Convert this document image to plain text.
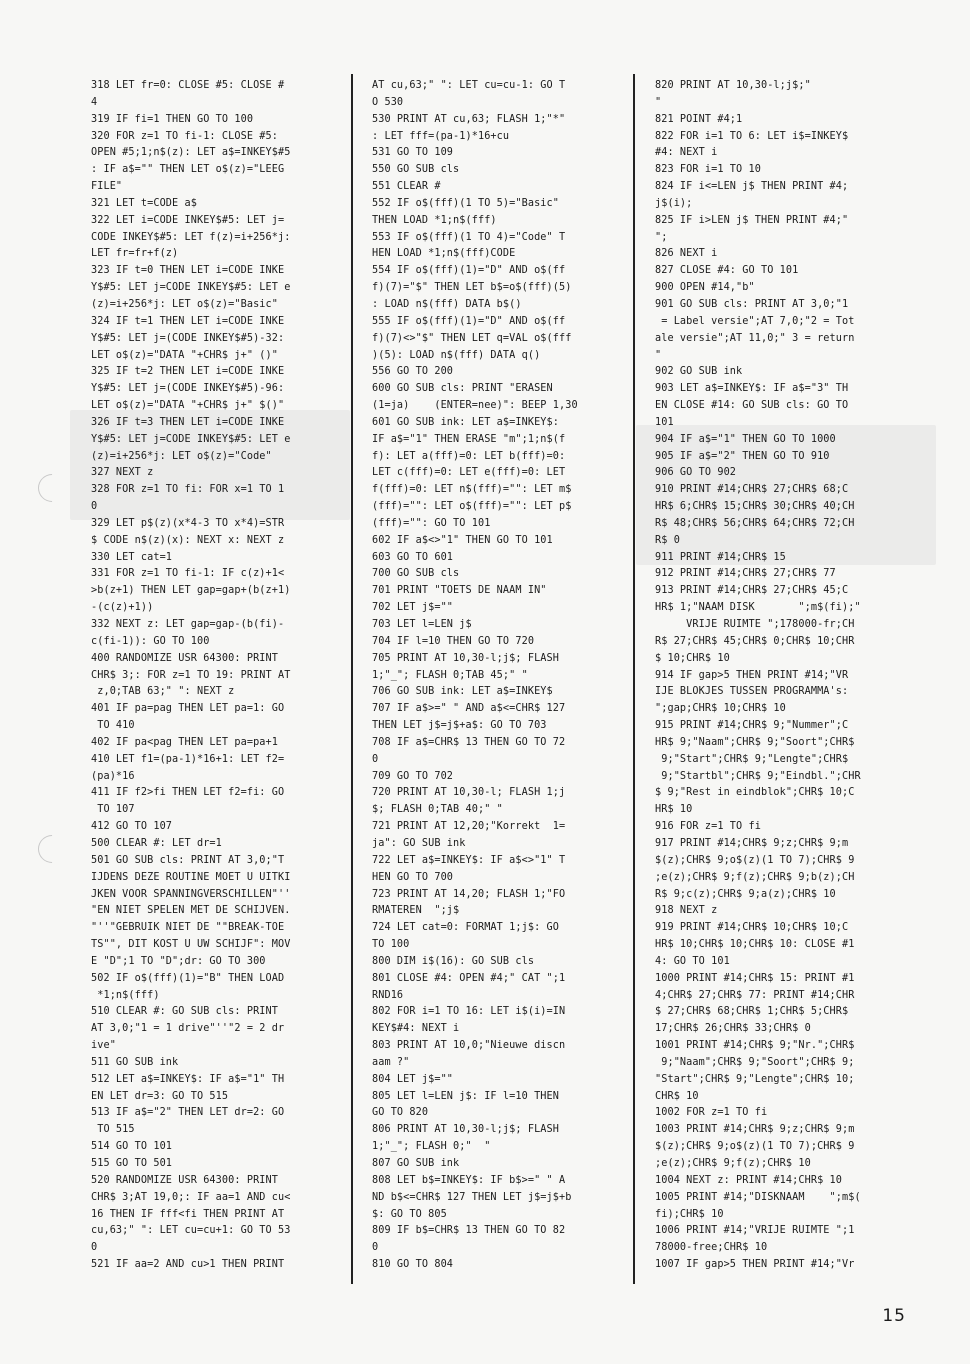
318 LET fr=0: CLOSE #5: CLOSE #
4
319 IF fi=1 THEN GO TO 100
320 FOR z=1 TO fi-1: CLOSE #5:
OPEN #5;1;n$(z): LET a$=INKEY$#5
: IF a$="" THEN LET o$(z)="LEEG
FILE"
321 LET t=CODE a$
322 LET i=CODE INKEY$#5: LET j=
CODE INKEY$#5: LET f(z)=i+256*j:
LET fr=fr+f(z)
323 IF t=0 THEN LET i=CODE INKE
Y$#5: LET j=CODE INKEY$#5: LET e
(z)=i+256*j: LET o$(z)="Basic"
324 IF t=1 THEN LET i=CODE INKE
Y$#5: LET j=(CODE INKEY$#5)-32:
LET o$(z)="DATA "+CHR$ j+" ()"
325 IF t=2 THEN LET i=CODE INKE
Y$#5: LET j=(CODE INKEY$#5)-96:
LET o$(z)="DATA "+CHR$ j+" $()"
326 IF t=3 THEN LET i=CODE INKE
Y$#5: LET j=CODE INKEY$#5: LET e
(z)=i+256*j: LET o$(z)="Code"
327 NEXT z
328 FOR z=1 TO fi: FOR x=1 TO 1
0
329 LET p$(z)(x*4-3 TO x*4)=STR
$ CODE n$(z)(x): NEXT x: NEXT z
330 LET cat=1
331 FOR z=1 TO fi-1: IF c(z)+1<
>b(z+1) THEN LET gap=gap+(b(z+1)
-(c(z)+1))
332 NEXT z: LET gap=gap-(b(fi)-
c(fi-1)): GO TO 100
400 RANDOMIZE USR 64300: PRINT
CHR$ 3;: FOR z=1 TO 19: PRINT AT
z,0;TAB 63;" ": NEXT z
401 IF pa=pag THEN LET pa=1: GO
TO 410
402 IF pa<pag THEN LET pa=pa+1
410 LET f1=(pa-1)*16+1: LET f2=
(pa)*16
411 IF f2>fi THEN LET f2=fi: GO
TO 107
412 GO TO 107
500 CLEAR #: LET dr=1
501 GO SUB cls: PRINT AT 3,0;"T
IJDENS DEZE ROUTINE MOET U UITKI
JKEN VOOR SPANNINGVERSCHILLEN"''
"EN NIET SPELEN MET DE SCHIJVEN.
"''"GEBRUIK NIET DE ""BREAK-TOE
TS"", DIT KOST U UW SCHIJF": MOV
E "D";1 TO "D";dr: GO TO 300
502 IF o$(fff)(1)="B" THEN LOAD
*1;n$(fff)
510 CLEAR #: GO SUB cls: PRINT
AT 3,0;"1 = 1 drive"''"2 = 2 dr
ive"
511 GO SUB ink
512 LET a$=INKEY$: IF a$="1" TH
EN LET dr=3: GO TO 515
513 IF a$="2" THEN LET dr=2: GO
TO 515
514 GO TO 101
515 GO TO 501
520 RANDOMIZE USR 64300: PRINT
CHR$ 3;AT 19,0;: IF aa=1 AND cu<
16 THEN IF fff<fi THEN PRINT AT
cu,63;" ": LET cu=cu+1: GO TO 53
0
521 IF aa=2 AND cu>1 THEN PRINT
AT cu,63;" ": LET cu=cu-1: GO T
O 530
530 PRINT AT cu,63; FLASH 1;"*"
: LET fff=(pa-1)*16+cu
531 GO TO 109
550 GO SUB cls
551 CLEAR #
552 IF o$(fff)(1 TO 5)="Basic"
THEN LOAD *1;n$(fff)
553 IF o$(fff)(1 TO 4)="Code" T
HEN LOAD *1;n$(fff)CODE
554 IF o$(fff)(1)="D" AND o$(ff
f)(7)="$" THEN LET b$=o$(fff)(5)
: LOAD n$(fff) DATA b$()
555 IF o$(fff)(1)="D" AND o$(ff
f)(7)<>"$" THEN LET q=VAL o$(fff
)(5): LOAD n$(fff) DATA q()
556 GO TO 200
600 GO SUB cls: PRINT "ERASEN
(1=ja)    (ENTER=nee)": BEEP 1,30
601 GO SUB ink: LET a$=INKEY$:
IF a$="1" THEN ERASE "m";1;n$(f
f): LET a(fff)=0: LET b(fff)=0:
LET c(fff)=0: LET e(fff)=0: LET
f(fff)=0: LET n$(fff)="": LET m$
(fff)="": LET o$(fff)="": LET p$
(fff)="": GO TO 101
602 IF a$<>"1" THEN GO TO 101
603 GO TO 601
700 GO SUB cls
701 PRINT "TOETS DE NAAM IN"
702 LET j$=""
703 LET l=LEN j$
704 IF l=10 THEN GO TO 720
705 PRINT AT 10,30-l;j$; FLASH
1;"_"; FLASH 0;TAB 45;" "
706 GO SUB ink: LET a$=INKEY$
707 IF a$>=" " AND a$<=CHR$ 127
THEN LET j$=j$+a$: GO TO 703
708 IF a$=CHR$ 13 THEN GO TO 72
0
709 GO TO 702
720 PRINT AT 10,30-l; FLASH 1;j
$; FLASH 0;TAB 40;" "
721 PRINT AT 12,20;"Korrekt  1=
ja": GO SUB ink
722 LET a$=INKEY$: IF a$<>"1" T
HEN GO TO 700
723 PRINT AT 14,20; FLASH 1;"FO
RMATEREN  ";j$
724 LET cat=0: FORMAT 1;j$: GO
TO 100
800 DIM i$(16): GO SUB cls
801 CLOSE #4: OPEN #4;" CAT ";1
RND16
802 FOR i=1 TO 16: LET i$(i)=IN
KEY$#4: NEXT i
803 PRINT AT 10,0;"Nieuwe discn
aam ?"
804 LET j$=""
805 LET l=LEN j$: IF l=10 THEN
GO TO 820
806 PRINT AT 10,30-l;j$; FLASH
1;"_"; FLASH 0;"  "
807 GO SUB ink
808 LET b$=INKEY$: IF b$>=" " A
ND b$<=CHR$ 127 THEN LET j$=j$+b
$: GO TO 805
809 IF b$=CHR$ 13 THEN GO TO 82
0
810 GO TO 804
820 PRINT AT 10,30-l;j$;"
"
821 POINT #4;1
822 FOR i=1 TO 6: LET i$=INKEY$
#4: NEXT i
823 FOR i=1 TO 10
824 IF i<=LEN j$ THEN PRINT #4;
j$(i);
825 IF i>LEN j$ THEN PRINT #4;"
";
826 NEXT i
827 CLOSE #4: GO TO 101
900 OPEN #14,"b"
901 GO SUB cls: PRINT AT 3,0;"1
= Label versie";AT 7,0;"2 = Tot
ale versie";AT 11,0;" 3 = return
"
902 GO SUB ink
903 LET a$=INKEY$: IF a$="3" TH
EN CLOSE #14: GO SUB cls: GO TO
101
904 IF a$="1" THEN GO TO 1000
905 IF a$="2" THEN GO TO 910
906 GO TO 902
910 PRINT #14;CHR$ 27;CHR$ 68;C
HR$ 6;CHR$ 15;CHR$ 30;CHR$ 40;CH
R$ 48;CHR$ 56;CHR$ 64;CHR$ 72;CH
R$ 0
911 PRINT #14;CHR$ 15
912 PRINT #14;CHR$ 27;CHR$ 77
913 PRINT #14;CHR$ 27;CHR$ 45;C
HR$ 1;"NAAM DISK       ";m$(fi);"
VRIJE RUIMTE ";178000-fr;CH
R$ 27;CHR$ 45;CHR$ 0;CHR$ 10;CHR
$ 10;CHR$ 10
914 IF gap>5 THEN PRINT #14;"VR
IJE BLOKJES TUSSEN PROGRAMMA's:
";gap;CHR$ 10;CHR$ 10
915 PRINT #14;CHR$ 9;"Nummer";C
HR$ 9;"Naam";CHR$ 9;"Soort";CHR$
9;"Start";CHR$ 9;"Lengte";CHR$
9;"Startbl";CHR$ 9;"Eindbl.";CHR
$ 9;"Rest in eindblok";CHR$ 10;C
HR$ 10
916 FOR z=1 TO fi
917 PRINT #14;CHR$ 9;z;CHR$ 9;m
$(z);CHR$ 9;o$(z)(1 TO 7);CHR$ 9
;e(z);CHR$ 9;f(z);CHR$ 9;b(z);CH
R$ 9;c(z);CHR$ 9;a(z);CHR$ 10
918 NEXT z
919 PRINT #14;CHR$ 10;CHR$ 10;C
HR$ 10;CHR$ 10;CHR$ 10: CLOSE #1
4: GO TO 101
1000 PRINT #14;CHR$ 15: PRINT #1
4;CHR$ 27;CHR$ 77: PRINT #14;CHR
$ 27;CHR$ 68;CHR$ 1;CHR$ 5;CHR$
17;CHR$ 26;CHR$ 33;CHR$ 0
1001 PRINT #14;CHR$ 9;"Nr.";CHR$
9;"Naam";CHR$ 9;"Soort";CHR$ 9;
"Start";CHR$ 9;"Lengte";CHR$ 10;
CHR$ 10
1002 FOR z=1 TO fi
1003 PRINT #14;CHR$ 9;z;CHR$ 9;m
$(z);CHR$ 9;o$(z)(1 TO 7);CHR$ 9
;e(z);CHR$ 9;f(z);CHR$ 10
1004 NEXT z: PRINT #14;CHR$ 10
1005 PRINT #14;"DISKNAAM    ";m$(
fi);CHR$ 10
1006 PRINT #14;"VRIJE RUIMTE ";1
78000-free;CHR$ 10
1007 IF gap>5 THEN PRINT #14;"Vr
15
